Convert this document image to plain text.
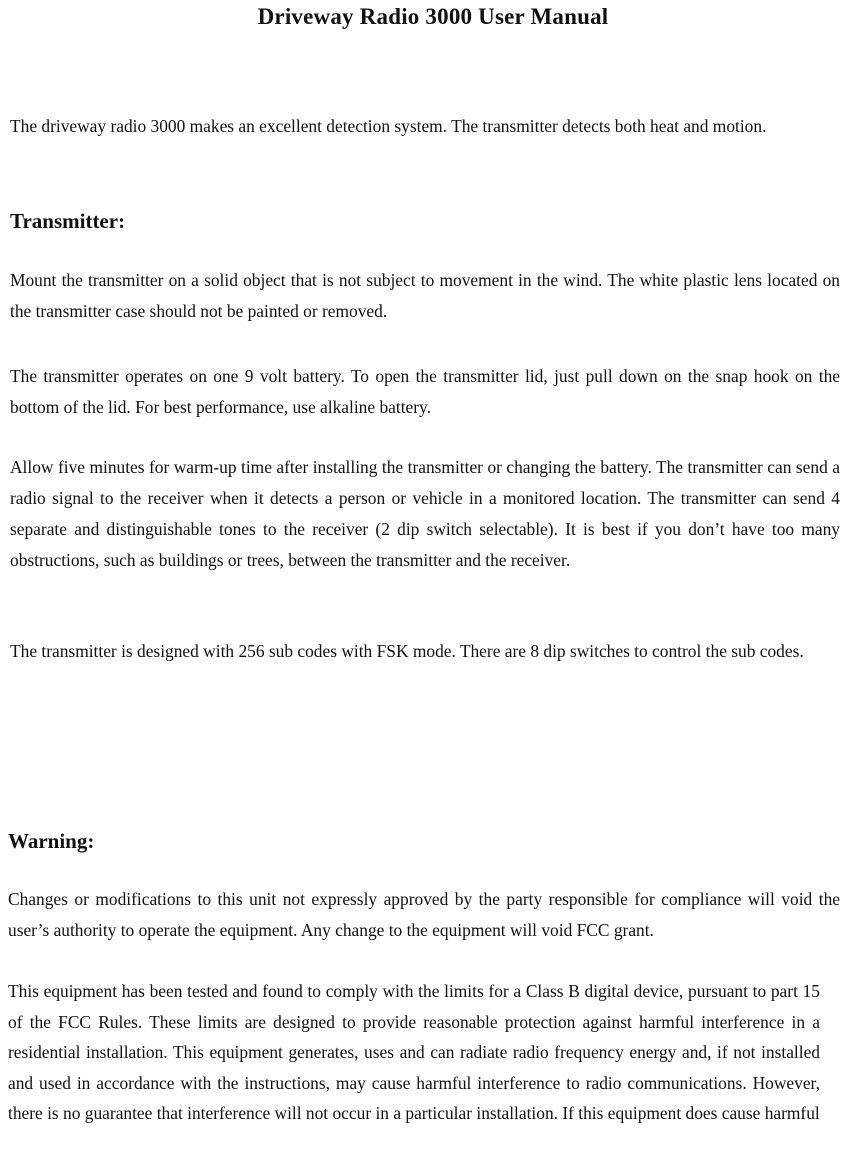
Driveway Radio 3000 User Manual

The driveway radio 3000 makes an excellent detection system. The transmitter detects both heat and motion.

Transmitter:

Mount the transmitter on a solid object that is not subject to movement in the wind. The white plastic lens located on the transmitter case should not be painted or removed.

The transmitter operates on one 9 volt battery. To open the transmitter lid, just pull down on the snap hook on the bottom of the lid. For best performance, use alkaline battery.

Allow five minutes for warm-up time after installing the transmitter or changing the battery. The transmitter can send a radio signal to the receiver when it detects a person or vehicle in a monitored location. The transmitter can send 4 separate and distinguishable tones to the receiver (2 dip switch selectable). It is best if you don’t have too many obstructions, such as buildings or trees, between the transmitter and the receiver.

The transmitter is designed with 256 sub codes with FSK mode. There are 8 dip switches to control the sub codes.

Warning:

Changes or modifications to this unit not expressly approved by the party responsible for compliance will void the user’s authority to operate the equipment. Any change to the equipment will void FCC grant.

This equipment has been tested and found to comply with the limits for a Class B digital device, pursuant to part 15 of the FCC Rules. These limits are designed to provide reasonable protection against harmful interference in a residential installation. This equipment generates, uses and can radiate radio frequency energy and, if not installed and used in accordance with the instructions, may cause harmful interference to radio communications. However, there is no guarantee that interference will not occur in a particular installation. If this equipment does cause harmful
